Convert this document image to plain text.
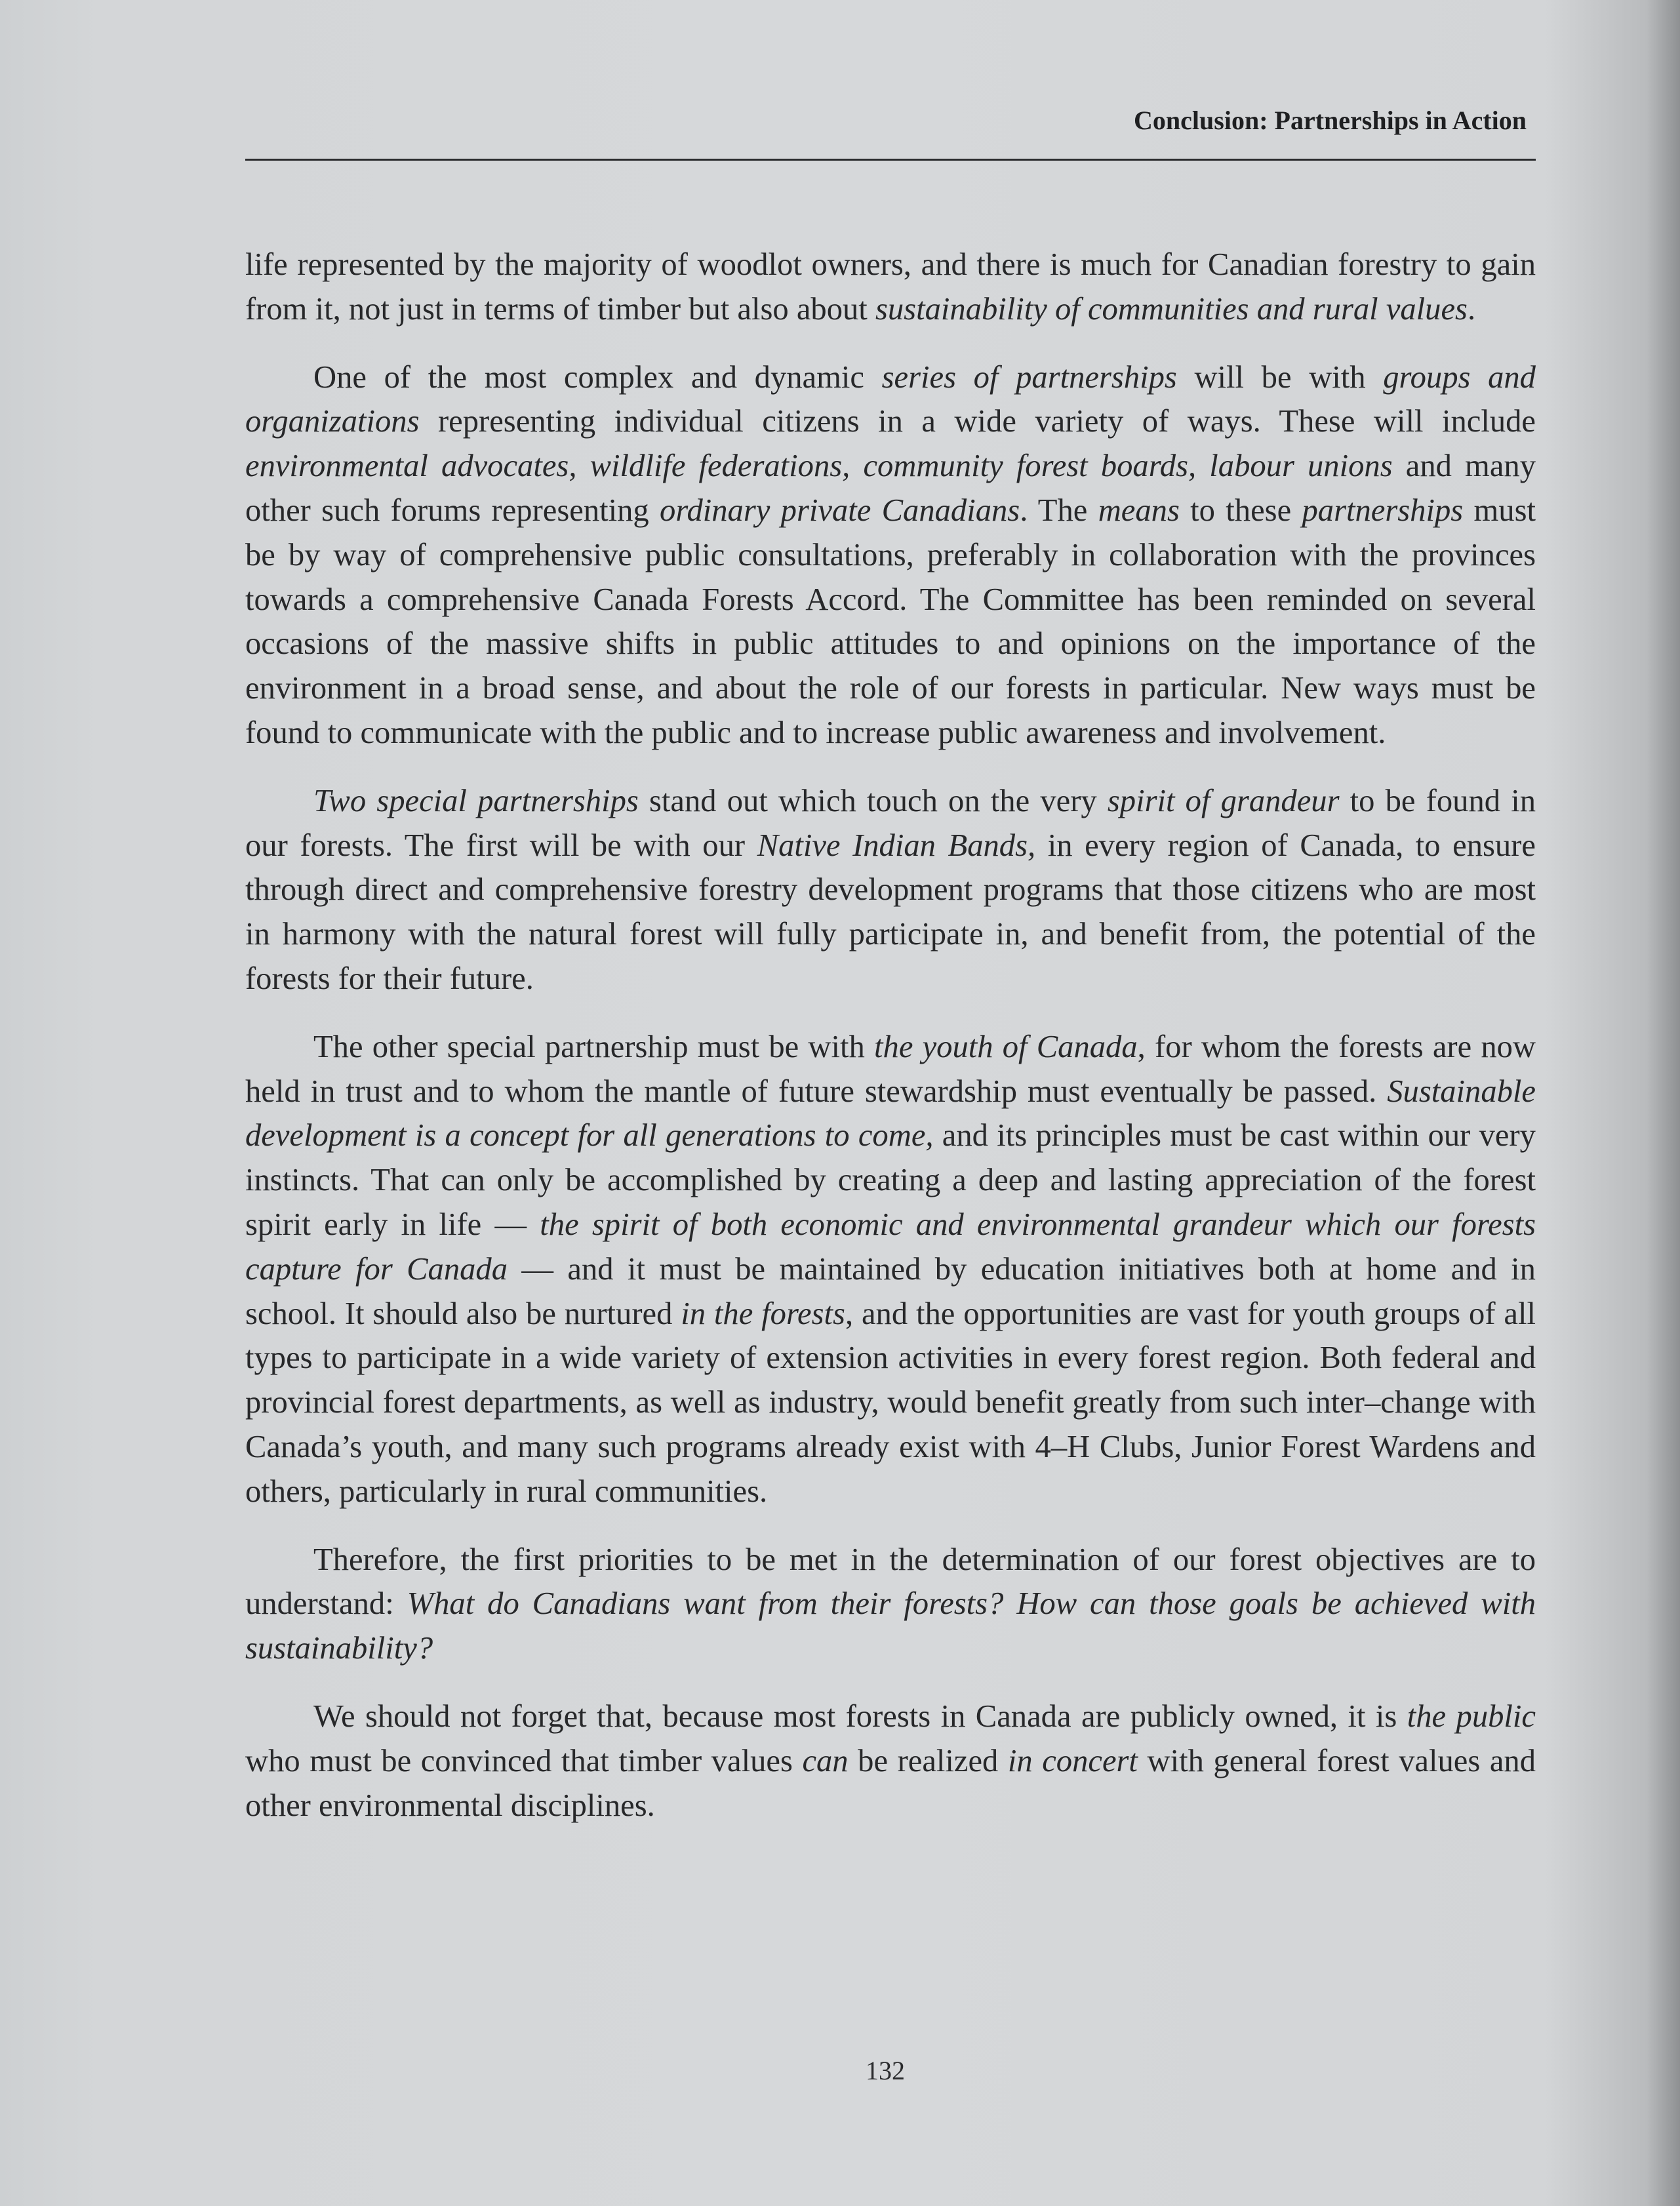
Conclusion: Partnerships in Action

life represented by the majority of woodlot owners, and there is much for Canadian forestry to gain from it, not just in terms of timber but also about sustainability of communities and rural values.

One of the most complex and dynamic series of partnerships will be with groups and organizations representing individual citizens in a wide variety of ways. These will include environmental advocates, wildlife federations, community forest boards, labour unions and many other such forums representing ordinary private Canadians. The means to these partnerships must be by way of comprehensive public consultations, preferably in collaboration with the provinces towards a comprehensive Canada Forests Accord. The Committee has been reminded on several occasions of the massive shifts in public attitudes to and opinions on the importance of the environment in a broad sense, and about the role of our forests in particular. New ways must be found to communicate with the public and to increase public awareness and involvement.

Two special partnerships stand out which touch on the very spirit of grandeur to be found in our forests. The first will be with our Native Indian Bands, in every region of Canada, to ensure through direct and comprehensive forestry development programs that those citizens who are most in harmony with the natural forest will fully participate in, and benefit from, the potential of the forests for their future.

The other special partnership must be with the youth of Canada, for whom the forests are now held in trust and to whom the mantle of future stewardship must eventually be passed. Sustainable development is a concept for all generations to come, and its principles must be cast within our very instincts. That can only be accomplished by creating a deep and lasting appreciation of the forest spirit early in life — the spirit of both economic and environmental grandeur which our forests capture for Canada — and it must be maintained by education initiatives both at home and in school. It should also be nurtured in the forests, and the opportunities are vast for youth groups of all types to participate in a wide variety of extension activities in every forest region. Both federal and provincial forest departments, as well as industry, would benefit greatly from such inter–change with Canada’s youth, and many such programs already exist with 4–H Clubs, Junior Forest Wardens and others, particularly in rural communities.

Therefore, the first priorities to be met in the determination of our forest objectives are to understand: What do Canadians want from their forests? How can those goals be achieved with sustainability?

We should not forget that, because most forests in Canada are publicly owned, it is the public who must be convinced that timber values can be realized in concert with general forest values and other environmental disciplines.

132
